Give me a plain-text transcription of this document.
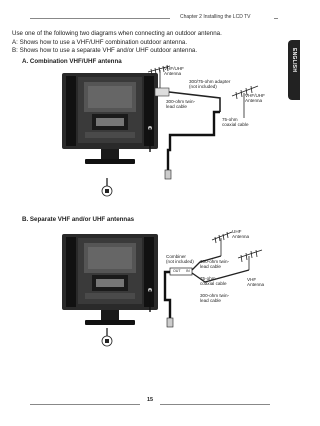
Chapter 2 Installing the LCD TV
ENGLISH
Use one of the following two diagrams when connecting an outdoor antenna.
A: Shows how to use a VHF/UHF combination outdoor antenna.
B: Shows how to use a separate VHF and/or UHF outdoor antenna.
A. Combination VHF/UHF antenna
VHF/UHF
Antenna
300/75-ohm adapter
(not included)
300-ohm twin-
lead cable
VHF/UHF
Antenna
75-ohm
coaxial cable
B. Separate VHF and/or UHF antennas
UHF
Antenna
Combiner
(not included)
OUT IN
300-ohm twin-
lead cable
75-ohm
coaxial cable
300-ohm twin-
lead cable
VHF
Antenna
15
